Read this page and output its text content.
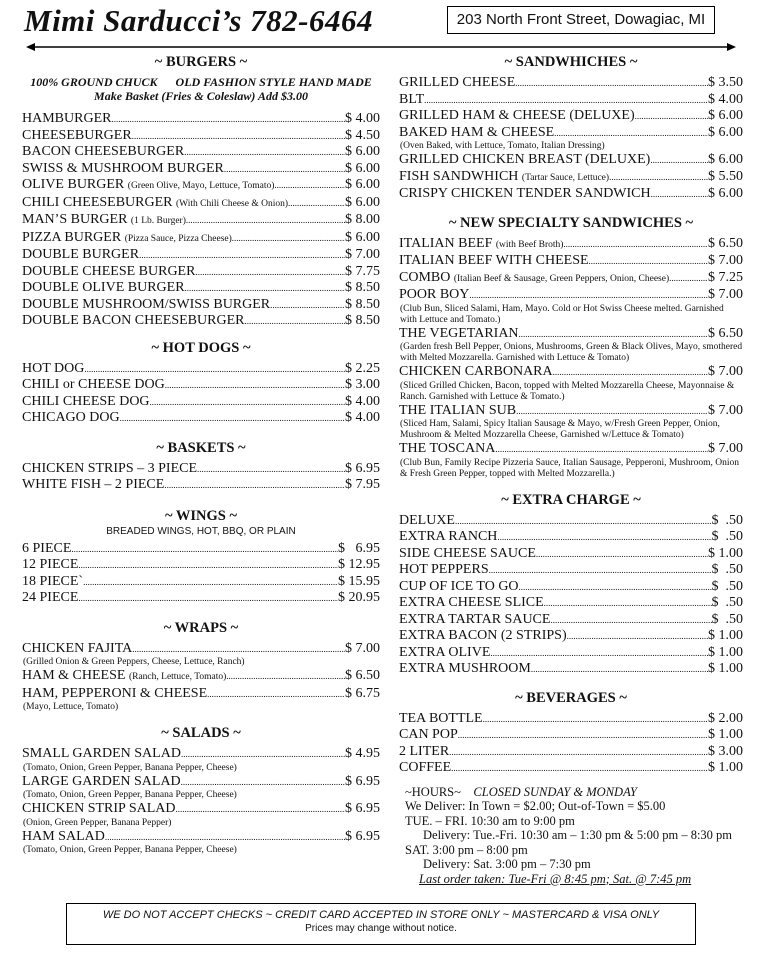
Mimi Sarducci’s 782-6464	203 North Front Street, Dowagiac, MI
~ BURGERS ~
100% GROUND CHUCK      OLD FASHION STYLE HAND MADE
Make Basket (Fries & Coleslaw) Add $3.00
HAMBURGER .....	$ 4.00
CHEESEBURGER .....	$ 4.50
BACON CHEESEBURGER .....	$ 6.00
SWISS & MUSHROOM BURGER .....	$ 6.00
OLIVE BURGER (Green Olive, Mayo, Lettuce, Tomato) .....	$ 6.00
CHILI CHEESEBURGER (With Chili Cheese & Onion) .....	$ 6.00
MAN’S BURGER (1 Lb. Burger) .....	$ 8.00
PIZZA BURGER (Pizza Sauce, Pizza Cheese) .....	$ 6.00
DOUBLE BURGER .....	$ 7.00
DOUBLE CHEESE BURGER .....	$ 7.75
DOUBLE OLIVE BURGER .....	$ 8.50
DOUBLE MUSHROOM/SWISS BURGER .....	$ 8.50
DOUBLE BACON CHEESEBURGER .....	$ 8.50
~ HOT DOGS ~
HOT DOG .....	$ 2.25
CHILI or CHEESE DOG .....	$ 3.00
CHILI CHEESE DOG .....	$ 4.00
CHICAGO DOG .....	$ 4.00
~ BASKETS ~
CHICKEN STRIPS – 3 PIECE .....	$ 6.95
WHITE FISH – 2 PIECE .....	$ 7.95
~ WINGS ~
BREADED WINGS, HOT, BBQ, OR PLAIN
6 PIECE .....	$   6.95
12 PIECE .....	$ 12.95
18 PIECE` .....	$ 15.95
24 PIECE .....	$ 20.95
~ WRAPS ~
CHICKEN FAJITA .....	$ 7.00
(Grilled Onion & Green Peppers, Cheese, Lettuce, Ranch)
HAM & CHEESE (Ranch, Lettuce, Tomato) .....	$ 6.50
HAM, PEPPERONI & CHEESE .....	$ 6.75
(Mayo, Lettuce, Tomato)
~ SALADS ~
SMALL GARDEN SALAD .....	$ 4.95
(Tomato, Onion, Green Pepper, Banana Pepper, Cheese)
LARGE GARDEN SALAD .....	$ 6.95
(Tomato, Onion, Green Pepper, Banana Pepper, Cheese)
CHICKEN STRIP SALAD .....	$ 6.95
(Onion, Green Pepper, Banana Pepper)
HAM SALAD .....	$ 6.95
(Tomato, Onion, Green Pepper, Banana Pepper, Cheese)
~ SANDWHICHES ~
GRILLED CHEESE .....	$ 3.50
BLT .....	$ 4.00
GRILLED HAM & CHEESE (DELUXE) .....	$ 6.00
BAKED HAM & CHEESE .....	$ 6.00
(Oven Baked, with Lettuce, Tomato, Italian Dressing)
GRILLED CHICKEN BREAST (DELUXE) .....	$ 6.00
FISH SANDWHICH (Tartar Sauce, Lettuce) .....	$ 5.50
CRISPY CHICKEN TENDER SANDWICH .....	$ 6.00
~ NEW SPECIALTY SANDWICHES ~
ITALIAN BEEF (with Beef Broth) .....	$ 6.50
ITALIAN BEEF WITH CHEESE .....	$ 7.00
COMBO (Italian Beef & Sausage, Green Peppers, Onion, Cheese) .....	$ 7.25
POOR BOY .....	$ 7.00
(Club Bun, Sliced Salami, Ham, Mayo. Cold or Hot Swiss Cheese melted. Garnished with Lettuce and Tomato.)
THE VEGETARIAN .....	$ 6.50
(Garden fresh Bell Pepper, Onions, Mushrooms, Green & Black Olives, Mayo, smothered with Melted Mozzarella. Garnished with Lettuce & Tomato)
CHICKEN CARBONARA .....	$ 7.00
(Sliced Grilled Chicken, Bacon, topped with Melted Mozzarella Cheese, Mayonnaise & Ranch. Garnished with Lettuce & Tomato.)
THE ITALIAN SUB .....	$ 7.00
(Sliced Ham, Salami, Spicy Italian Sausage & Mayo, w/Fresh Green Pepper, Onion, Mushroom & Melted Mozzarella Cheese, Garnished w/Lettuce & Tomato)
THE TOSCANA .....	$ 7.00
(Club Bun, Family Recipe Pizzeria Sauce, Italian Sausage, Pepperoni, Mushroom, Onion & Fresh Green Pepper, topped with Melted Mozzarella.)
~ EXTRA CHARGE ~
DELUXE .....	$  .50
EXTRA RANCH .....	$  .50
SIDE CHEESE SAUCE .....	$ 1.00
HOT PEPPERS .....	$  .50
CUP OF ICE TO GO .....	$  .50
EXTRA CHEESE SLICE .....	$  .50
EXTRA TARTAR SAUCE .....	$  .50
EXTRA BACON (2 STRIPS) .....	$ 1.00
EXTRA OLIVE .....	$ 1.00
EXTRA MUSHROOM .....	$ 1.00
~ BEVERAGES ~
TEA BOTTLE .....	$ 2.00
CAN POP .....	$ 1.00
2 LITER .....	$ 3.00
COFFEE .....	$ 1.00
~HOURS~ CLOSED SUNDAY & MONDAY
We Deliver: In Town = $2.00; Out-of-Town = $5.00
TUE. – FRI. 10:30 am to 9:00 pm
Delivery: Tue.-Fri. 10:30 am – 1:30 pm & 5:00 pm – 8:30 pm
SAT. 3:00 pm – 8:00 pm
Delivery: Sat. 3:00 pm – 7:30 pm
Last order taken: Tue-Fri @ 8:45 pm; Sat. @ 7:45 pm
WE DO NOT ACCEPT CHECKS ~ CREDIT CARD ACCEPTED IN STORE ONLY ~ MASTERCARD & VISA ONLY
Prices may change without notice.
